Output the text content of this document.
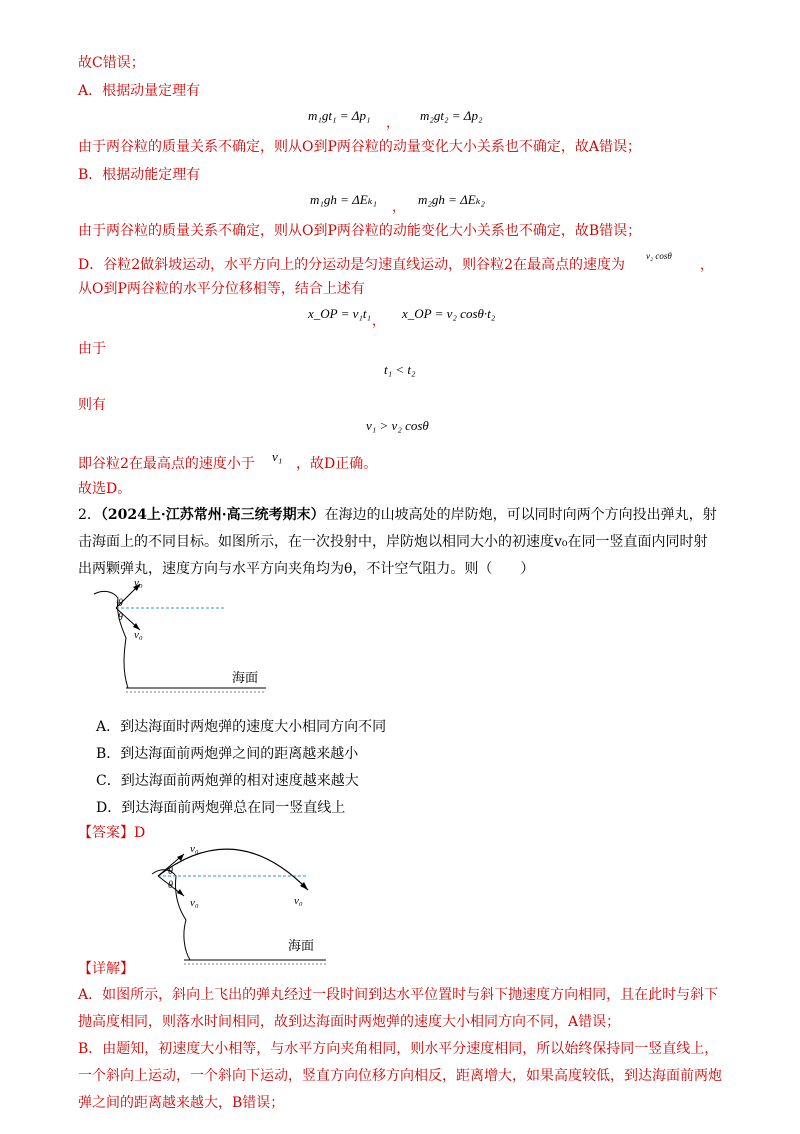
故C错误；
A．根据动量定理有
m₁gt₁ = Δp₁
，
m₂gt₂ = Δp₂
由于两谷粒的质量关系不确定，则从O到P两谷粒的动量变化大小关系也不确定，故A错误；
B．根据动能定理有
m₁gh = ΔEₖ₁
，
m₂gh = ΔEₖ₂
由于两谷粒的质量关系不确定，则从O到P两谷粒的动能变化大小关系也不确定，故B错误；
D．谷粒2做斜坡运动，水平方向上的分运动是匀速直线运动，则谷粒2在最高点的速度为
v₂ cosθ
，
从O到P两谷粒的水平分位移相等，结合上述有
x_OP = v₁t₁
，
x_OP = v₂ cosθ·t₂
由于
t₁ < t₂
则有
v₁ > v₂ cosθ
即谷粒2在最高点的速度小于 v₁ ，故D正确。
故选D。
2．（2024上·江苏常州·高三统考期末）在海边的山坡高处的岸防炮，可以同时向两个方向投出弹丸，射
击海面上的不同目标。如图所示，在一次投射中，岸防炮以相同大小的初速度v₀在同一竖直面内同时射
出两颗弹丸，速度方向与水平方向夹角均为θ，不计空气阻力。则（　　）
v₀
θ
θ
v₀
海面
A．到达海面时两炮弹的速度大小相同方向不同
B．到达海面前两炮弹之间的距离越来越小
C．到达海面前两炮弹的相对速度越来越大
D．到达海面前两炮弹总在同一竖直线上
【答案】D
v₀
θ
θ
v₀	v₀
海面
【详解】
A．如图所示，斜向上飞出的弹丸经过一段时间到达水平位置时与斜下抛速度方向相同，且在此时与斜下
抛高度相同，则落水时间相同，故到达海面时两炮弹的速度大小相同方向不同，A错误；
B．由题知，初速度大小相等，与水平方向夹角相同，则水平分速度相同，所以始终保持同一竖直线上，
一个斜向上运动，一个斜向下运动，竖直方向位移方向相反，距离增大，如果高度较低，到达海面前两炮
弹之间的距离越来越大，B错误；
